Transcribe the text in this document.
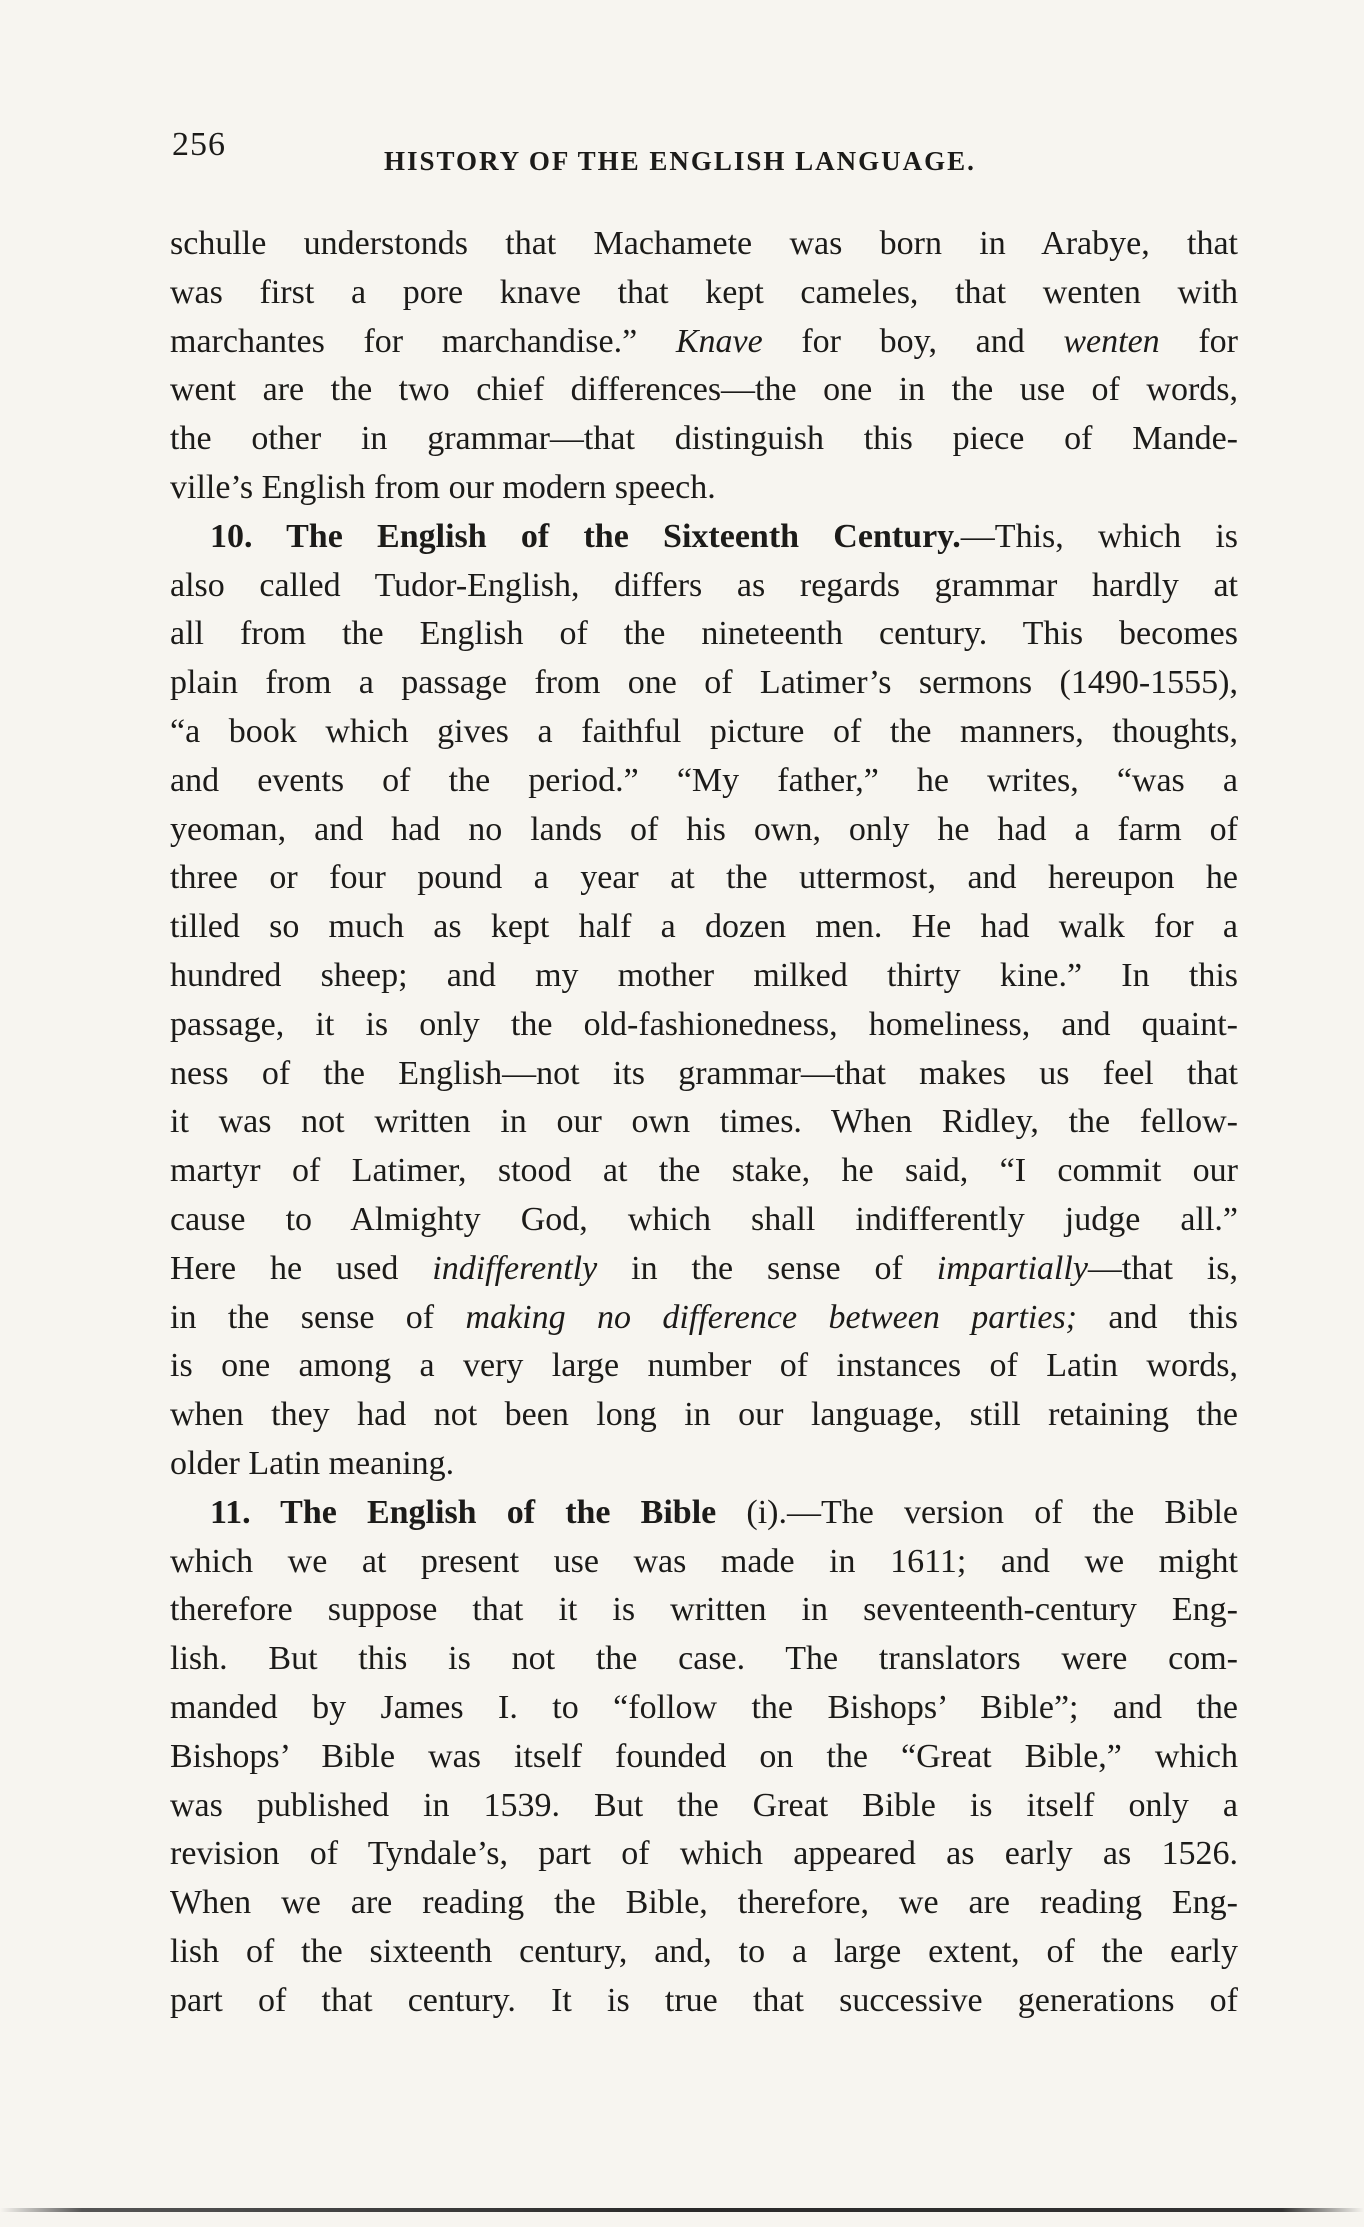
256	HISTORY OF THE ENGLISH LANGUAGE.
schulle understonds that Machamete was born in Arabye, that
was first a pore knave that kept cameles, that wenten with
marchantes for marchandise.” Knave for boy, and wenten for
went are the two chief differences—the one in the use of words,
the other in grammar—that distinguish this piece of Mande-
ville’s English from our modern speech.
10. The English of the Sixteenth Century.—This, which is
also called Tudor-English, differs as regards grammar hardly at
all from the English of the nineteenth century. This becomes
plain from a passage from one of Latimer’s sermons (1490-1555),
“a book which gives a faithful picture of the manners, thoughts,
and events of the period.” “My father,” he writes, “was a
yeoman, and had no lands of his own, only he had a farm of
three or four pound a year at the uttermost, and hereupon he
tilled so much as kept half a dozen men. He had walk for a
hundred sheep; and my mother milked thirty kine.” In this
passage, it is only the old-fashionedness, homeliness, and quaint-
ness of the English—not its grammar—that makes us feel that
it was not written in our own times. When Ridley, the fellow-
martyr of Latimer, stood at the stake, he said, “I commit our
cause to Almighty God, which shall indifferently judge all.”
Here he used indifferently in the sense of impartially—that is,
in the sense of making no difference between parties; and this
is one among a very large number of instances of Latin words,
when they had not been long in our language, still retaining the
older Latin meaning.
11. The English of the Bible (i).—The version of the Bible
which we at present use was made in 1611; and we might
therefore suppose that it is written in seventeenth-century Eng-
lish. But this is not the case. The translators were com-
manded by James I. to “follow the Bishops’ Bible”; and the
Bishops’ Bible was itself founded on the “Great Bible,” which
was published in 1539. But the Great Bible is itself only a
revision of Tyndale’s, part of which appeared as early as 1526.
When we are reading the Bible, therefore, we are reading Eng-
lish of the sixteenth century, and, to a large extent, of the early
part of that century. It is true that successive generations of
